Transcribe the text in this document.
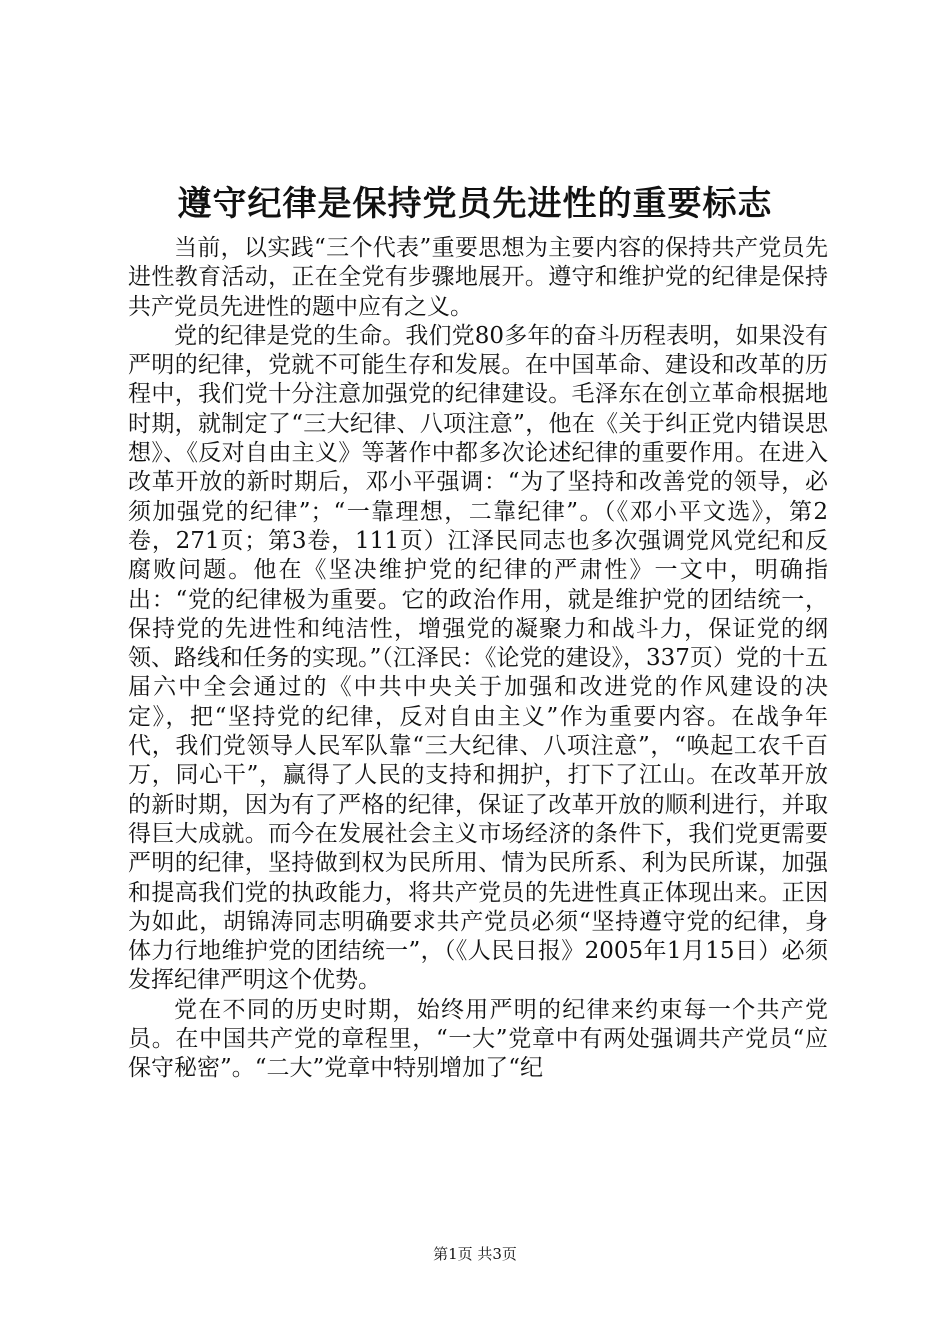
遵守纪律是保持党员先进性的重要标志

当前，以实践“三个代表”重要思想为主要内容的保持共产党员先进性教育活动，正在全党有步骤地展开。遵守和维护党的纪律是保持共产党员先进性的题中应有之义。

党的纪律是党的生命。我们党80多年的奋斗历程表明，如果没有严明的纪律，党就不可能生存和发展。在中国革命、建设和改革的历程中，我们党十分注意加强党的纪律建设。毛泽东在创立革命根据地时期，就制定了“三大纪律、八项注意”，他在《关于纠正党内错误思想》、《反对自由主义》等著作中都多次论述纪律的重要作用。在进入改革开放的新时期后，邓小平强调：“为了坚持和改善党的领导，必须加强党的纪律”；“一靠理想，二靠纪律”。（《邓小平文选》，第2卷，271页；第3卷，111页）江泽民同志也多次强调党风党纪和反腐败问题。他在《坚决维护党的纪律的严肃性》一文中，明确指出：“党的纪律极为重要。它的政治作用，就是维护党的团结统一，保持党的先进性和纯洁性，增强党的凝聚力和战斗力，保证党的纲领、路线和任务的实现。”（江泽民：《论党的建设》，337页）党的十五届六中全会通过的《中共中央关于加强和改进党的作风建设的决定》，把“坚持党的纪律，反对自由主义”作为重要内容。在战争年代，我们党领导人民军队靠“三大纪律、八项注意”，“唤起工农千百万，同心干”，赢得了人民的支持和拥护，打下了江山。在改革开放的新时期，因为有了严格的纪律，保证了改革开放的顺利进行，并取得巨大成就。而今在发展社会主义市场经济的条件下，我们党更需要严明的纪律，坚持做到权为民所用、情为民所系、利为民所谋，加强和提高我们党的执政能力，将共产党员的先进性真正体现出来。正因为如此，胡锦涛同志明确要求共产党员必须“坚持遵守党的纪律，身体力行地维护党的团结统一”，（《人民日报》2005年1月15日）必须发挥纪律严明这个优势。

党在不同的历史时期，始终用严明的纪律来约束每一个共产党员。在中国共产党的章程里，“一大”党章中有两处强调共产党员“应保守秘密”。“二大”党章中特别增加了“纪

第1页 共3页
